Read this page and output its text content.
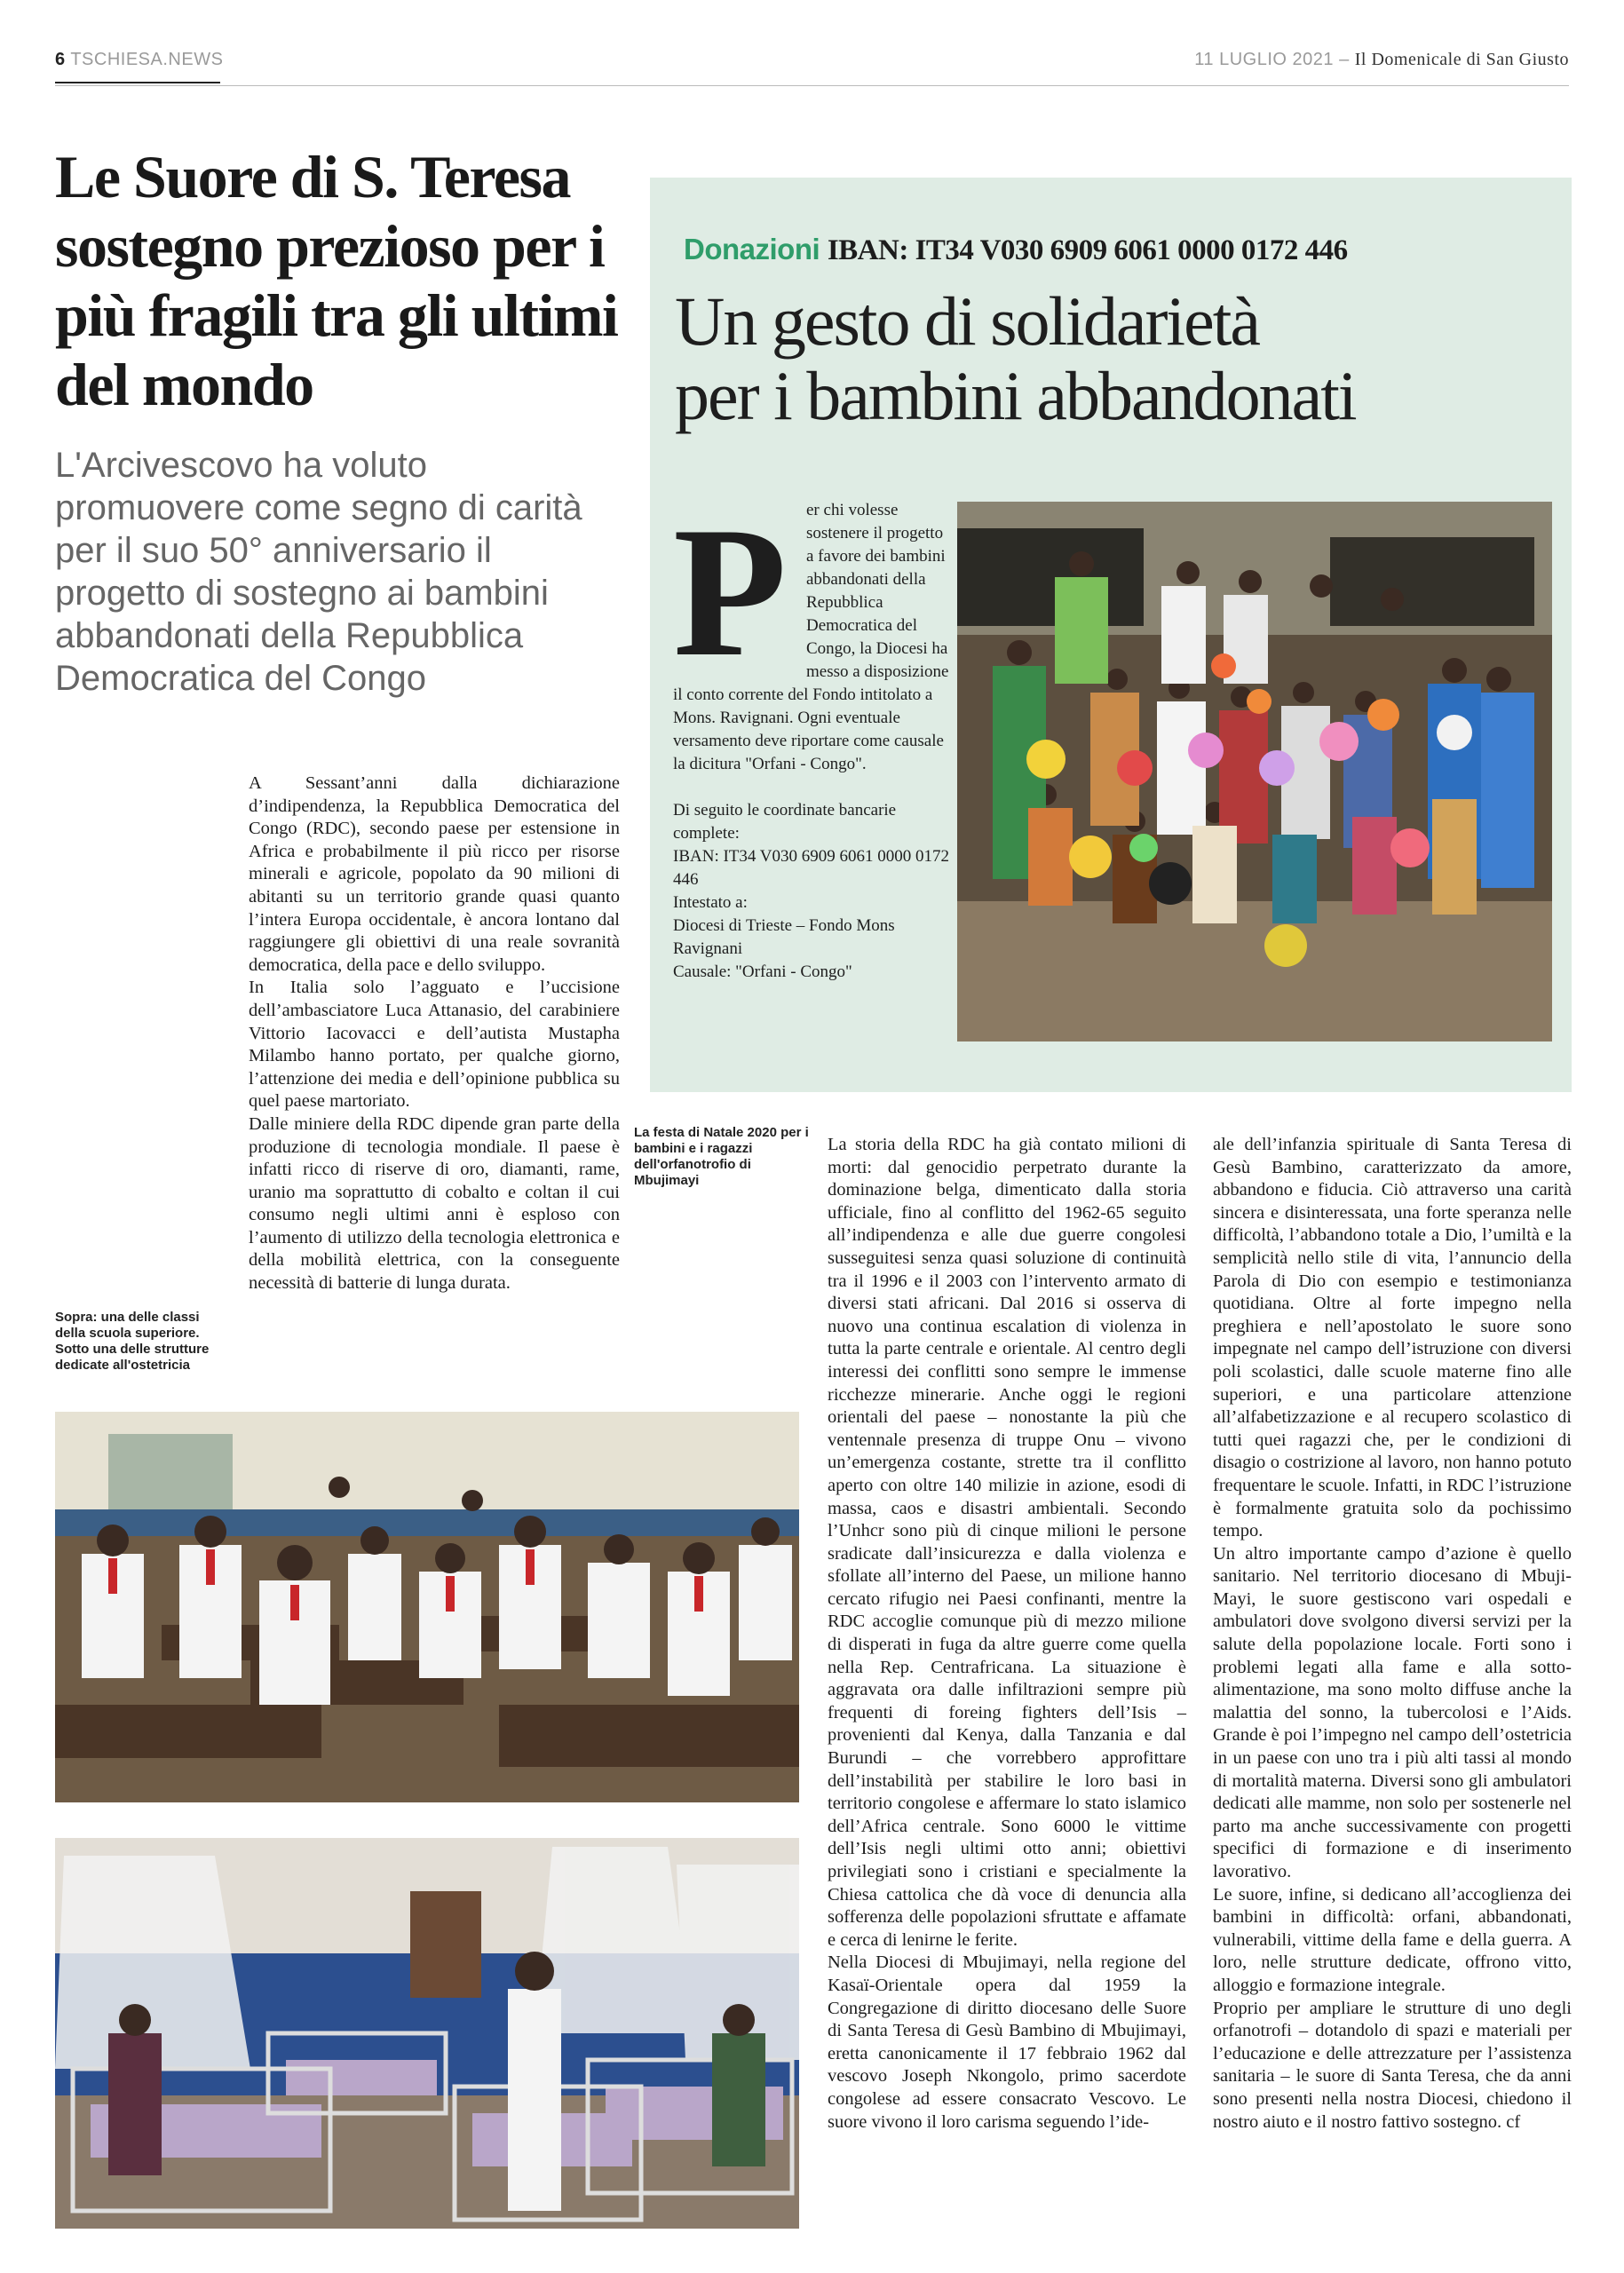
6 TSCHIESA.NEWS	11 LUGLIO 2021 – Il Domenicale di San Giusto
Le Suore di S. Teresa sostegno prezioso per i più fragili tra gli ultimi del mondo
L'Arcivescovo ha voluto promuovere come segno di carità per il suo 50° anniversario il progetto di sostegno ai bambini abbandonati della Repubblica Democratica del Congo
Donazioni IBAN: IT34 V030 6909 6061 0000 0172 446
Un gesto di solidarietà
per i bambini abbandonati
P	er chi volesse sostenere il progetto a favore dei bambini abbandonati della Repubblica Democratica del Congo, la Diocesi ha messo a disposizione il conto corrente del Fondo intitolato a Mons. Ravignani. Ogni eventuale versamento deve riportare come causale la dicitura "Orfani - Congo".

Di seguito le coordinate bancarie complete:

IBAN: IT34 V030 6909 6061 0000 0172 446

Intestato a:

Diocesi di Trieste – Fondo Mons Ravignani

Causale: "Orfani - Congo"

Sopra: una delle classi della scuola superiore. Sotto una delle strutture dedicate all'ostetricia

A Sessant’anni dalla dichiarazione d’indipendenza, la Repubblica Democratica del Congo (RDC), secondo paese per estensione in Africa e probabilmente il più ricco per risorse minerali e agricole, popolato da 90 milioni di abitanti su un territorio grande quasi quanto l’intera Europa occidentale, è ancora lontano dal raggiungere gli obiettivi di una reale sovranità democratica, della pace e dello sviluppo.

In Italia solo l’agguato e l’uccisione dell’ambasciatore Luca Attanasio, del carabiniere Vittorio Iacovacci e dell’autista Mustapha Milambo hanno portato, per qualche giorno, l’attenzione dei media e dell’opinione pubblica su quel paese martoriato.

Dalle miniere della RDC dipende gran parte della produzione di tecnologia mondiale. Il paese è infatti ricco di riserve di oro, diamanti, rame, uranio ma soprattutto di cobalto e coltan il cui consumo negli ultimi anni è esploso con l’aumento di utilizzo della tecnologia elettronica e della mobilità elettrica, con la conseguente necessità di batterie di lunga durata.

La festa di Natale 2020 per i bambini e i ragazzi dell'orfanotrofio di Mbujimayi

La storia della RDC ha già contato milioni di morti: dal genocidio perpetrato durante la dominazione belga, dimenticato dalla storia ufficiale, fino al conflitto del 1962-65 seguito all’indipendenza e alle due guerre congolesi susseguitesi senza quasi soluzione di continuità tra il 1996 e il 2003 con l’intervento armato di diversi stati africani. Dal 2016 si osserva di nuovo una continua escalation di violenza in tutta la parte centrale e orientale. Al centro degli interessi dei conflitti sono sempre le immense ricchezze minerarie. Anche oggi le regioni orientali del paese – nonostante la più che ventennale presenza di truppe Onu – vivono un’emergenza costante, strette tra il conflitto aperto con oltre 140 milizie in azione, esodi di massa, caos e disastri ambientali. Secondo l’Unhcr sono più di cinque milioni le persone sradicate dall’insicurezza e dalla violenza e sfollate all’interno del Paese, un milione hanno cercato rifugio nei Paesi confinanti, mentre la RDC accoglie comunque più di mezzo milione di disperati in fuga da altre guerre come quella nella Rep. Centrafricana. La situazione è aggravata ora dalle infiltrazioni sempre più frequenti di foreing fighters dell’Isis – provenienti dal Kenya, dalla Tanzania e dal Burundi – che vorrebbero approfittare dell’instabilità per stabilire le loro basi in territorio congolese e affermare lo stato islamico dell’Africa centrale. Sono 6000 le vittime dell’Isis negli ultimi otto anni; obiettivi privilegiati sono i cristiani e specialmente la Chiesa cattolica che dà voce di denuncia alla sofferenza delle popolazioni sfruttate e affamate e cerca di lenirne le ferite.

Nella Diocesi di Mbujimayi, nella regione del Kasaï-Orientale opera dal 1959 la Congregazione di diritto diocesano delle Suore di Santa Teresa di Gesù Bambino di Mbujimayi, eretta canonicamente il 17 febbraio 1962 dal vescovo Joseph Nkongolo, primo sacerdote congolese ad essere consacrato Vescovo. Le suore vivono il loro carisma seguendo l’ide-

ale dell’infanzia spirituale di Santa Teresa di Gesù Bambino, caratterizzato da amore, abbandono e fiducia. Ciò attraverso una carità sincera e disinteressata, una forte speranza nelle difficoltà, l’abbandono totale a Dio, l’umiltà e la semplicità nello stile di vita, l’annuncio della Parola di Dio con esempio e testimonianza quotidiana. Oltre al forte impegno nella preghiera e nell’apostolato le suore sono impegnate nel campo dell’istruzione con diversi poli scolastici, dalle scuole materne fino alle superiori, e una particolare attenzione all’alfabetizzazione e al recupero scolastico di tutti quei ragazzi che, per le condizioni di disagio o costrizione al lavoro, non hanno potuto frequentare le scuole. Infatti, in RDC l’istruzione è formalmente gratuita solo da pochissimo tempo.

Un altro importante campo d’azione è quello sanitario. Nel territorio diocesano di Mbuji-Mayi, le suore gestiscono vari ospedali e ambulatori dove svolgono diversi servizi per la salute della popolazione locale. Forti sono i problemi legati alla fame e alla sotto-alimentazione, ma sono molto diffuse anche la malattia del sonno, la tubercolosi e l’Aids. Grande è poi l’impegno nel campo dell’ostetricia in un paese con uno tra i più alti tassi al mondo di mortalità materna. Diversi sono gli ambulatori dedicati alle mamme, non solo per sostenerle nel parto ma anche successivamente con progetti specifici di formazione e di inserimento lavorativo.

Le suore, infine, si dedicano all’accoglienza dei bambini in difficoltà: orfani, abbandonati, vulnerabili, vittime della fame e della guerra. A loro, nelle strutture dedicate, offrono vitto, alloggio e formazione integrale.

Proprio per ampliare le strutture di uno degli orfanotrofi – dotandolo di spazi e materiali per l’educazione e delle attrezzature per l’assistenza sanitaria – le suore di Santa Teresa, che da anni sono presenti nella nostra Diocesi, chiedono il nostro aiuto e il nostro fattivo sostegno. cf
